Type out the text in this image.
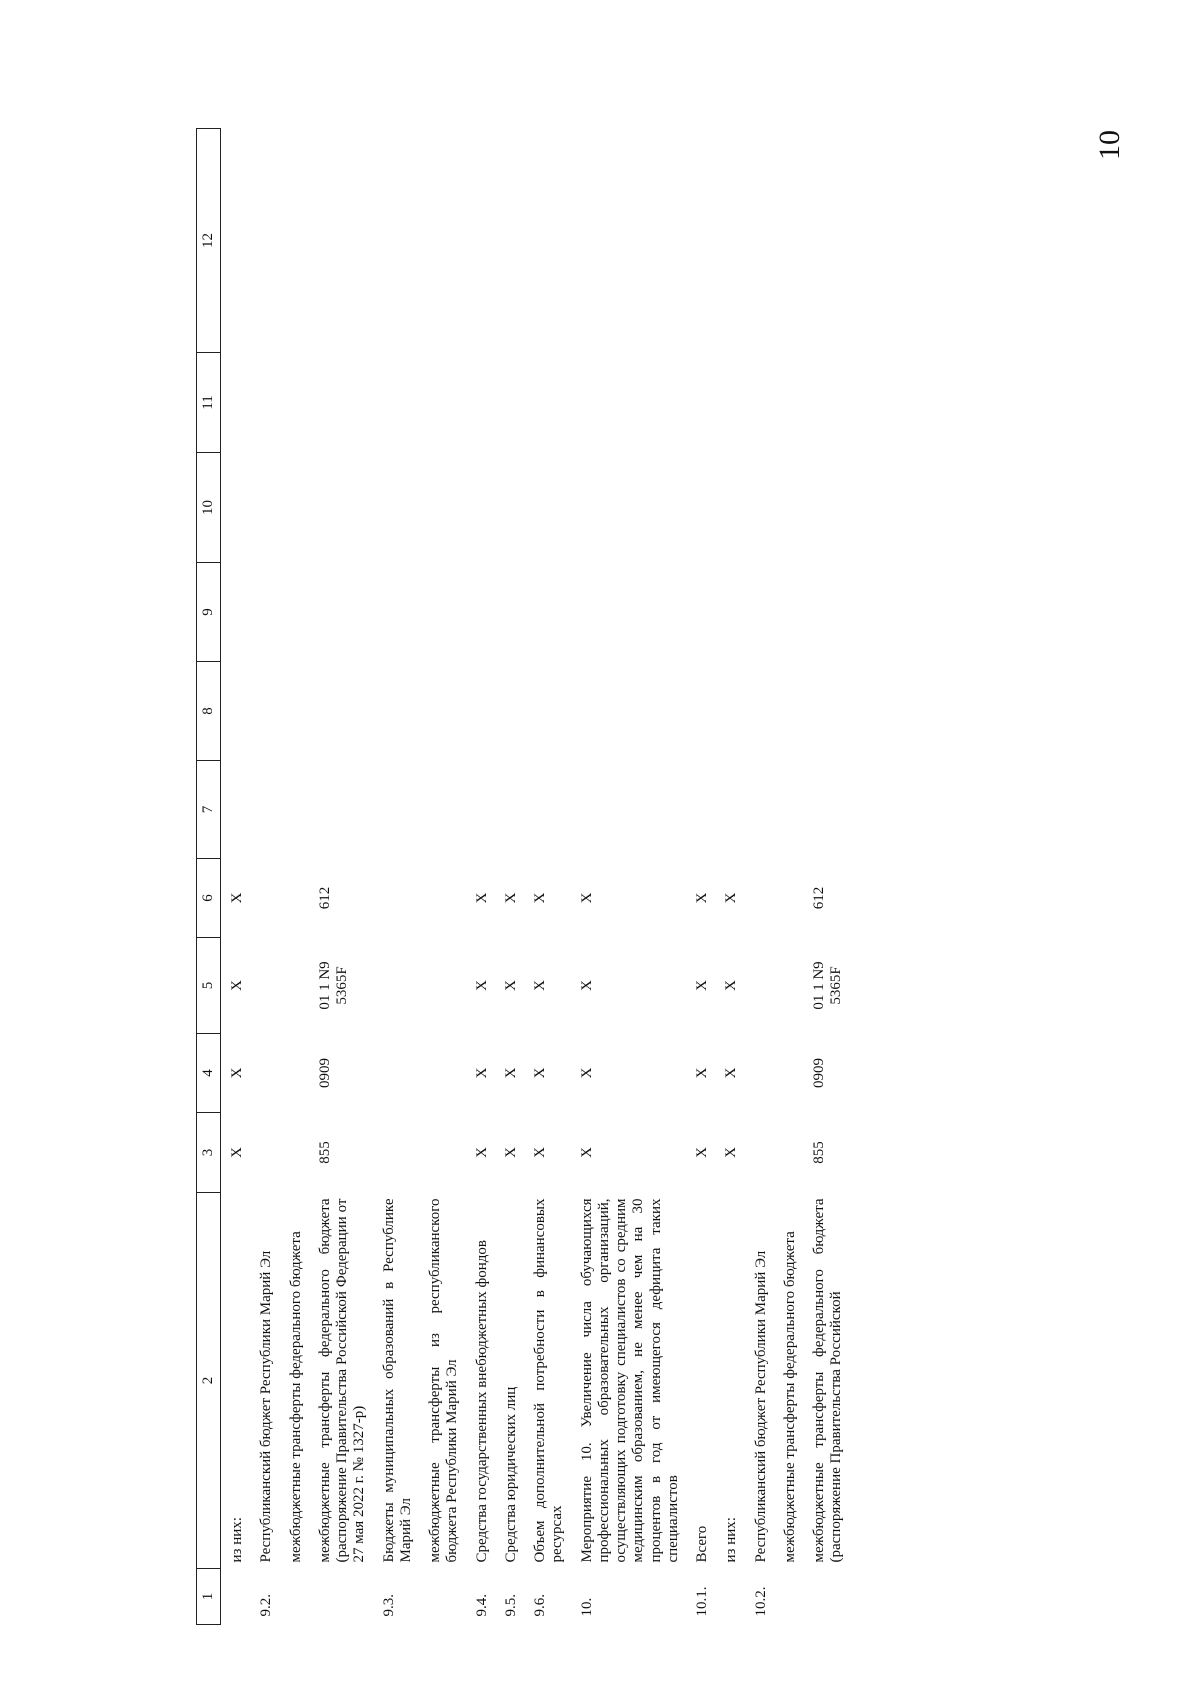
10
1	2	3	4	5	6	7	8	9	10	11	12
	из них:	X	X	X	X						
9.2.	Республиканский бюджет Республики Марий Эл										
	межбюджетные трансферты федерального бюджета										
	межбюджетные трансферты федерального бюджета (распоряжение Правительства Российской Федерации от 27 мая 2022 г. № 1327-р)	855	0909	01 1 N9 5365F	612						
9.3.	Бюджеты муниципальных образований в Республике Марий Эл										
	межбюджетные трансферты из республиканского бюджета Республики Марий Эл										
9.4.	Средства государственных внебюджетных фондов	X	X	X	X						
9.5.	Средства юридических лиц	X	X	X	X						
9.6.	Объем дополнительной потребности в финансовых ресурсах	X	X	X	X						
10.	Мероприятие 10. Увеличение числа обучающихся профессиональных образовательных организаций, осуществляющих подготовку специалистов со средним медицинским образованием, не менее чем на 30 процентов в год от имеющегося дефицита таких специалистов	X	X	X	X						
10.1.	Всего	X	X	X	X						
	из них:	X	X	X	X						
10.2.	Республиканский бюджет Республики Марий Эл										
	межбюджетные трансферты федерального бюджета										
	межбюджетные трансферты федерального бюджета (распоряжение Правительства Российской	855	0909	01 1 N9 5365F	612						
